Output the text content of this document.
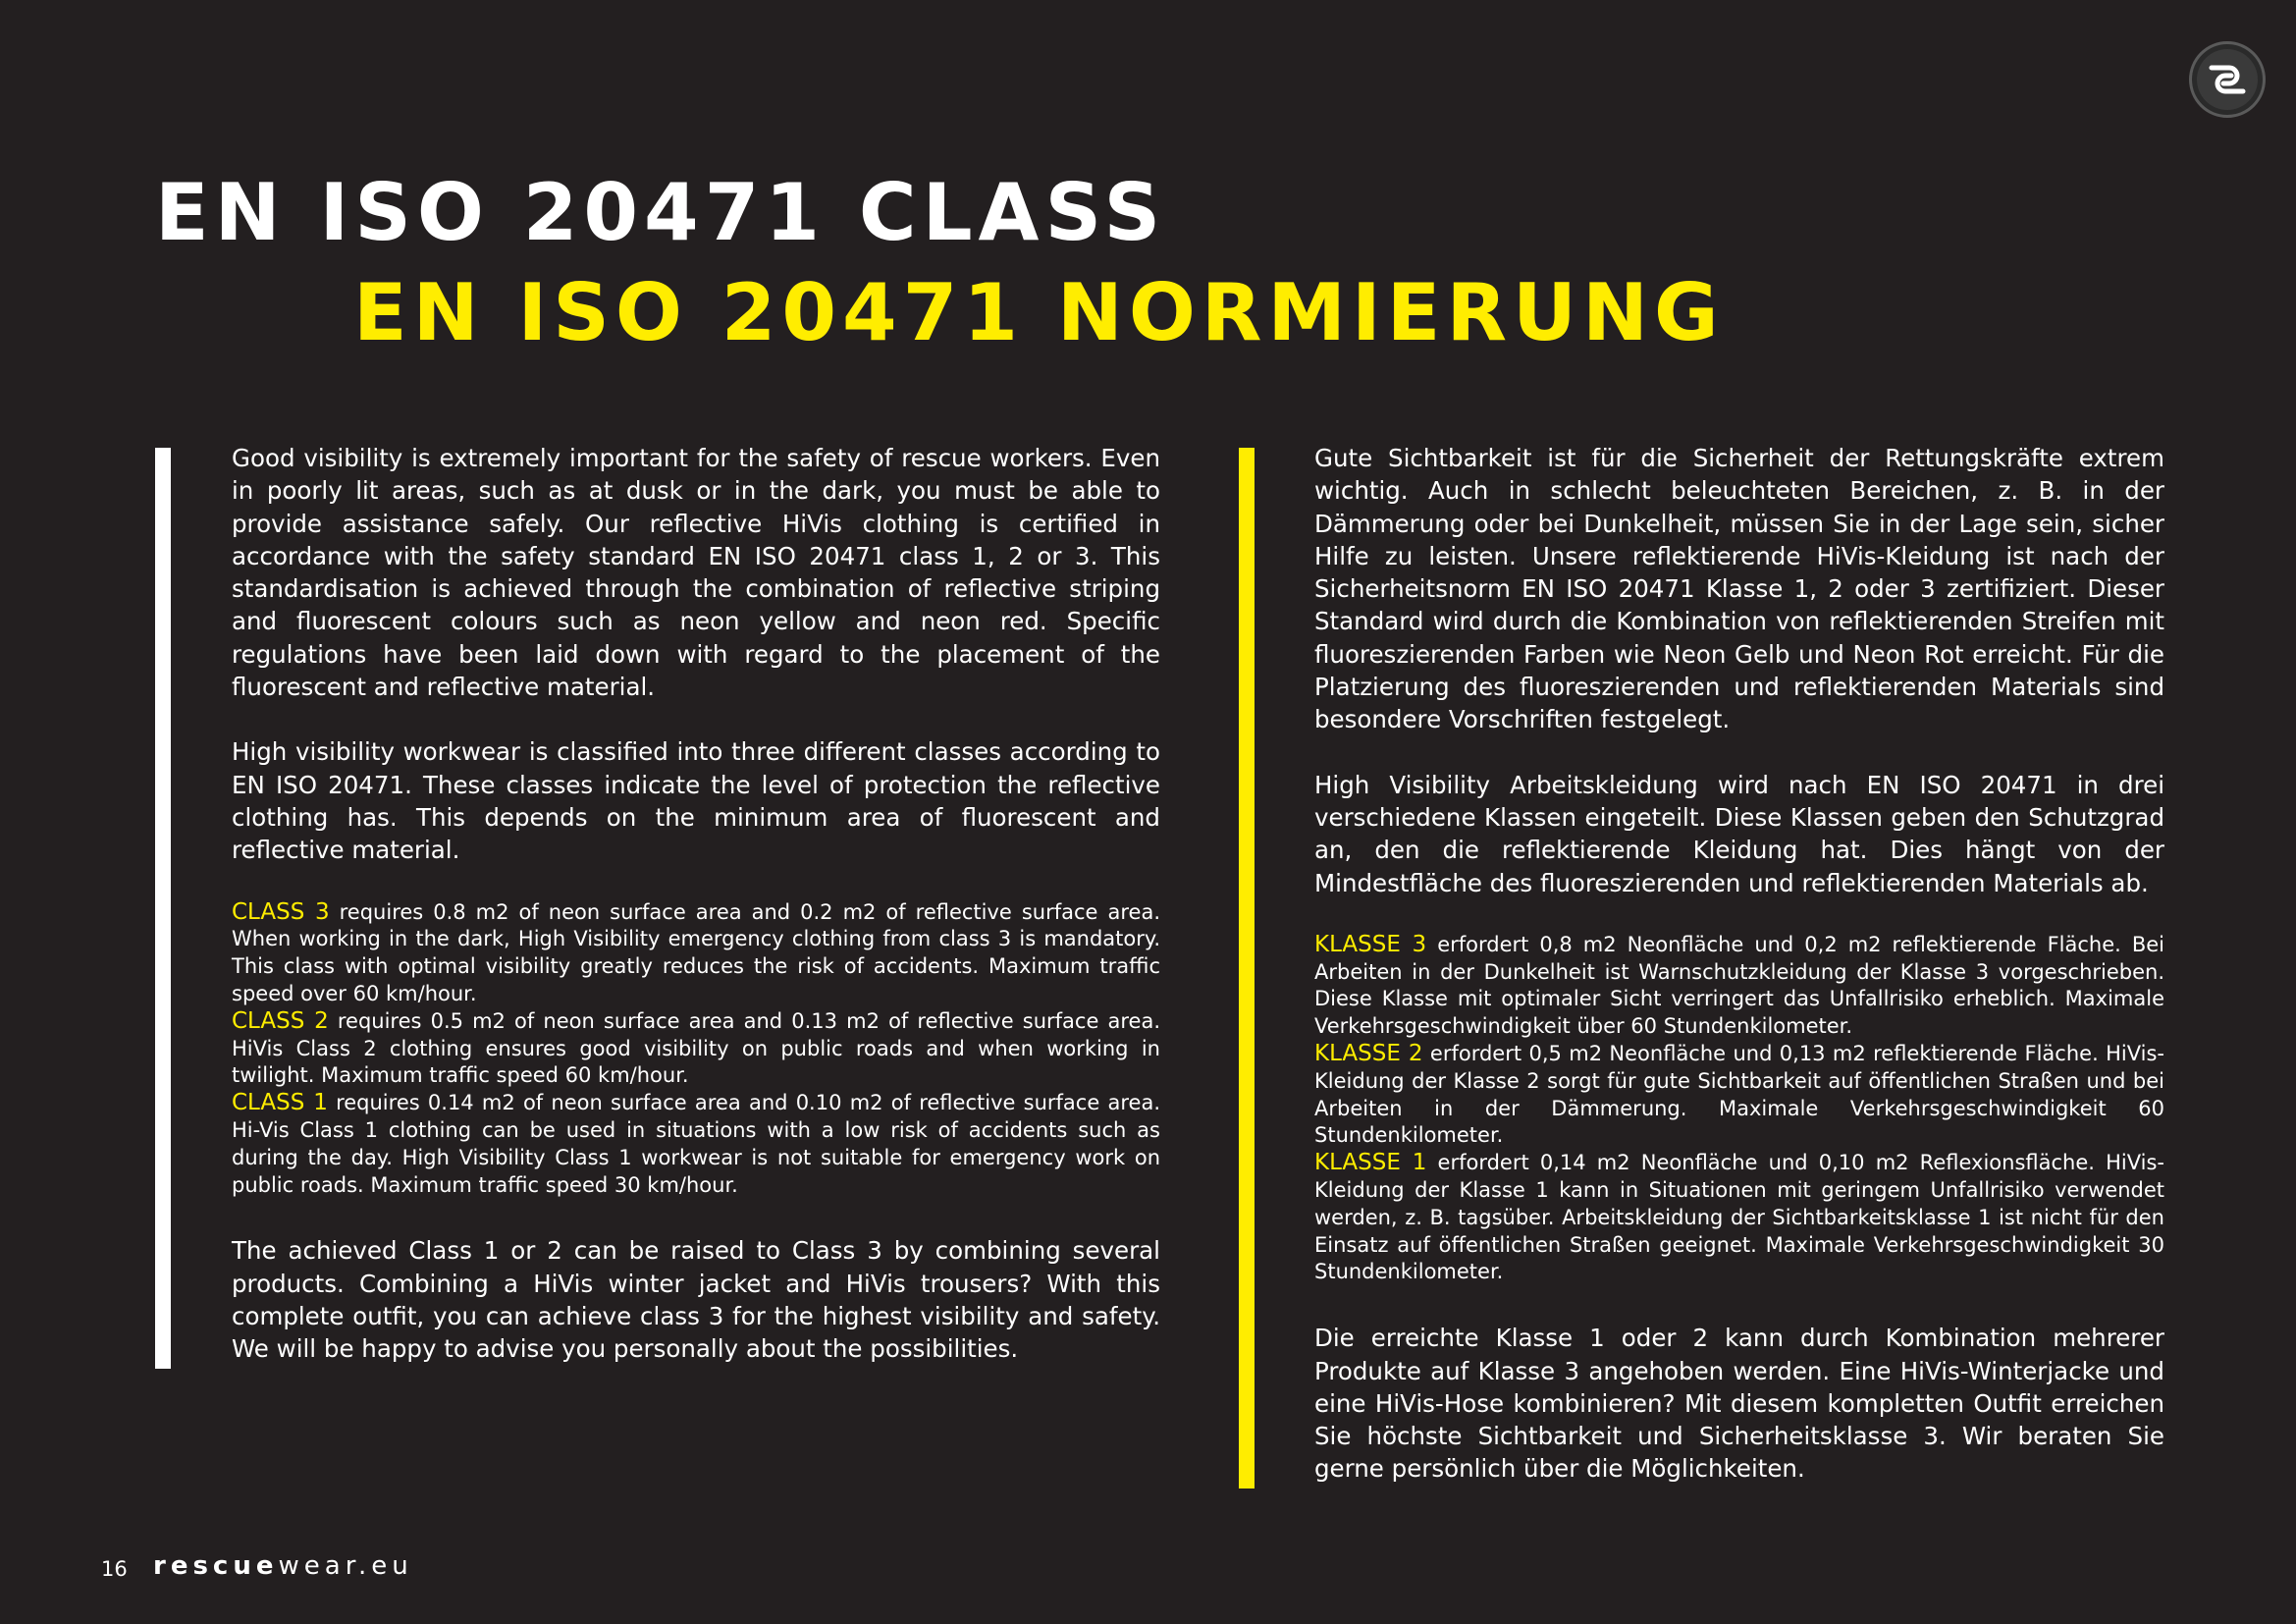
EN ISO 20471 CLASS
EN ISO 20471 NORMIERUNG

Good visibility is extremely important for the safety of rescue workers. Even in poorly lit areas, such as at dusk or in the dark, you must be able to provide assistance safely. Our reflective HiVis clothing is certified in accordance with the safety standard EN ISO 20471 class 1, 2 or 3. This standardisation is achieved through the combination of reflective striping and fluorescent colours such as neon yellow and neon red. Specific regulations have been laid down with regard to the placement of the fluorescent and reflective material.

High visibility workwear is classified into three different classes according to EN ISO 20471. These classes indicate the level of protection the reflective clothing has. This depends on the minimum area of fluorescent and reflective material.

CLASS 3 requires 0.8 m2 of neon surface area and 0.2 m2 of reflective surface area. When working in the dark, High Visibility emergency clothing from class 3 is mandatory. This class with optimal visibility greatly reduces the risk of accidents. Maximum traffic speed over 60 km/hour.

CLASS 2 requires 0.5 m2 of neon surface area and 0.13 m2 of reflective surface area. HiVis Class 2 clothing ensures good visibility on public roads and when working in twilight. Maximum traffic speed 60 km/hour.

CLASS 1 requires 0.14 m2 of neon surface area and 0.10 m2 of reflective surface area. Hi-Vis Class 1 clothing can be used in situations with a low risk of accidents such as during the day. High Visibility Class 1 workwear is not suitable for emergency work on public roads. Maximum traffic speed 30 km/hour.

The achieved Class 1 or 2 can be raised to Class 3 by combining several products. Combining a HiVis winter jacket and HiVis trousers? With this complete outfit, you can achieve class 3 for the highest visibility and safety. We will be happy to advise you personally about the possibilities.

Gute Sichtbarkeit ist für die Sicherheit der Rettungskräfte extrem wichtig. Auch in schlecht beleuchteten Bereichen, z. B. in der Dämmerung oder bei Dunkelheit, müssen Sie in der Lage sein, sicher Hilfe zu leisten. Unsere reflektierende HiVis-Kleidung ist nach der Sicherheitsnorm EN ISO 20471 Klasse 1, 2 oder 3 zertifiziert. Dieser Standard wird durch die Kombination von reflektierenden Streifen mit fluoreszierenden Farben wie Neon Gelb und Neon Rot erreicht. Für die Platzierung des fluoreszierenden und reflektierenden Materials sind besondere Vorschriften festgelegt.

High Visibility Arbeitskleidung wird nach EN ISO 20471 in drei verschiedene Klassen eingeteilt. Diese Klassen geben den Schutzgrad an, den die reflektierende Kleidung hat. Dies hängt von der Mindestfläche des fluoreszierenden und reflektierenden Materials ab.

KLASSE 3 erfordert 0,8 m2 Neonfläche und 0,2 m2 reflektierende Fläche. Bei Arbeiten in der Dunkelheit ist Warnschutzkleidung der Klasse 3 vorgeschrieben. Diese Klasse mit optimaler Sicht verringert das Unfallrisiko erheblich. Maximale Verkehrsgeschwindigkeit über 60 Stundenkilometer.

KLASSE 2 erfordert 0,5 m2 Neonfläche und 0,13 m2 reflektierende Fläche. HiVis-Kleidung der Klasse 2 sorgt für gute Sichtbarkeit auf öffentlichen Straßen und bei Arbeiten in der Dämmerung. Maximale Verkehrsgeschwindigkeit 60 Stundenkilometer.

KLASSE 1 erfordert 0,14 m2 Neonfläche und 0,10 m2 Reflexionsfläche. HiVis-Kleidung der Klasse 1 kann in Situationen mit geringem Unfallrisiko verwendet werden, z. B. tagsüber. Arbeitskleidung der Sichtbarkeitsklasse 1 ist nicht für den Einsatz auf öffentlichen Straßen geeignet. Maximale Verkehrsgeschwindigkeit 30 Stundenkilometer.

Die erreichte Klasse 1 oder 2 kann durch Kombination mehrerer Produkte auf Klasse 3 angehoben werden. Eine HiVis-Winterjacke und eine HiVis-Hose kombinieren? Mit diesem kompletten Outfit erreichen Sie höchste Sichtbarkeit und Sicherheitsklasse 3. Wir beraten Sie gerne persönlich über die Möglichkeiten.

16 rescuewear.eu
